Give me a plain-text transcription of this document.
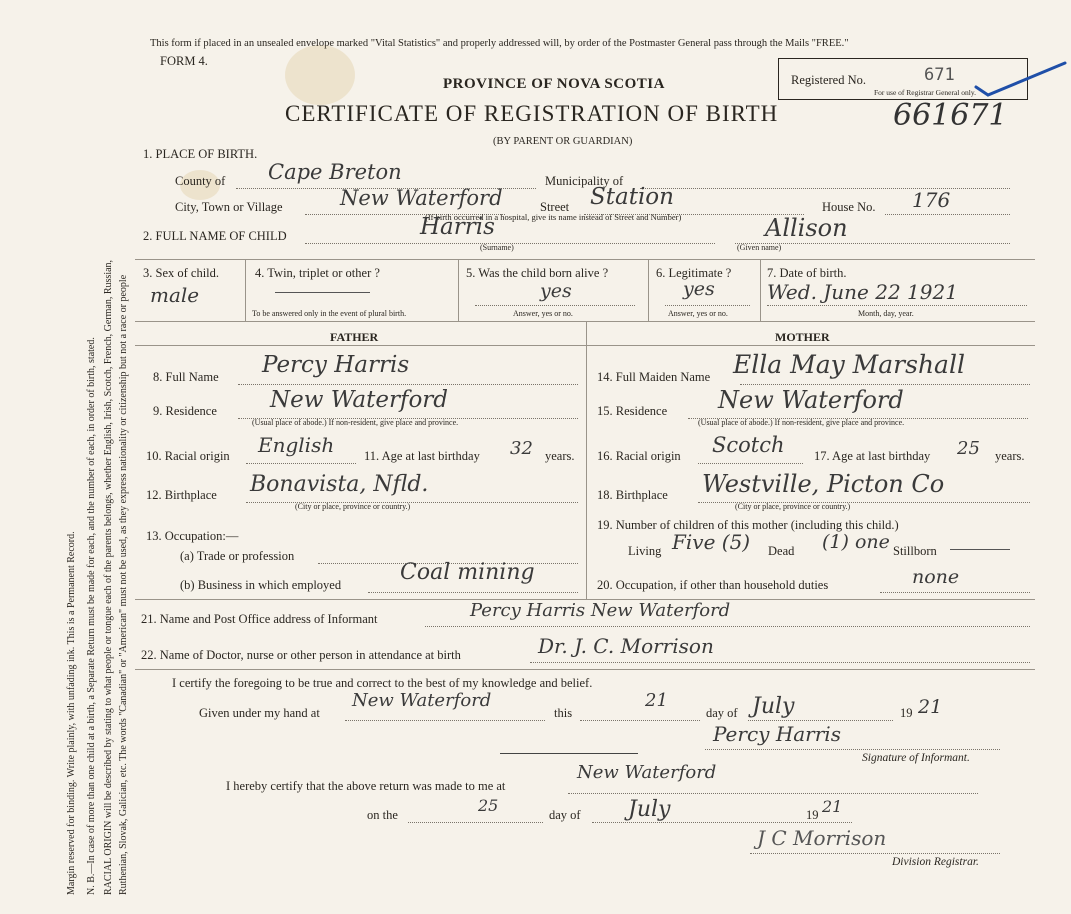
Margin reserved for binding. Write plainly, with unfading ink. This is a Permanent Record. N. B.—In case of more than one child at a birth, a Separate Return must be made for each, and the number of each, in order of birth, stated. RACIAL ORIGIN will be described by stating to what people or tongue each of the parents belongs, whether English, Irish, Scotch, French, German, Russian, Ruthenian, Slovak, Galician, etc. The words "Canadian" or "American" must not be used, as they express nationality or citizenship but not a race or people
This form if placed in an unsealed envelope marked "Vital Statistics" and properly addressed will, by order of the Postmaster General pass through the Mails "FREE."
FORM 4.
PROVINCE OF NOVA SCOTIA
CERTIFICATE OF REGISTRATION OF BIRTH
(BY PARENT OR GUARDIAN)
661671
Registered No.	671
For use of Registrar General only.
1. PLACE OF BIRTH.
County of Cape Breton	Municipality of
City, Town or Village	New Waterford	Street Station	House No. 176
(If birth occurred in a hospital, give its name instead of Street and Number)
2. FULL NAME OF CHILD	Harris
(Surname)
Allison
(Given name)
3. Sex of child.
male
4. Twin, triplet or other ?
To be answered only in the event of plural birth.
5. Was the child born alive ?
yes
Answer, yes or no.
6. Legitimate ?
yes
Answer, yes or no.
7. Date of birth.
Wed. June 22 1921
Month, day, year.
FATHER	MOTHER
8. Full Name Percy Harris
9. Residence New Waterford
(Usual place of abode.) If non-resident, give place and province.
10. Racial origin English 11. Age at last birthday 32 years.
12. Birthplace Bonavista, Nfld.
(City or place, province or country.)
13. Occupation:—
(a) Trade or profession
(b) Business in which employed	Coal mining
14. Full Maiden Name Ella May Marshall
15. Residence New Waterford
(Usual place of abode.) If non-resident, give place and province.
16. Racial origin Scotch 17. Age at last birthday 25 years.
18. Birthplace Westville, Picton Co
(City or place, province or country.)
19. Number of children of this mother (including this child.)
Living Five (5) Dead (1) one Stillborn
20. Occupation, if other than household duties	none
21. Name and Post Office address of Informant	Percy Harris New Waterford
22. Name of Doctor, nurse or other person in attendance at birth	Dr. J. C. Morrison
I certify the foregoing to be true and correct to the best of my knowledge and belief.
Given under my hand at
New Waterford
this
21
day of July	19 21
Percy Harris
Signature of Informant.
I hereby certify that the above return was made to me at
New Waterford
on the	25	day of July	19 21
J C Morrison
Division Registrar.
